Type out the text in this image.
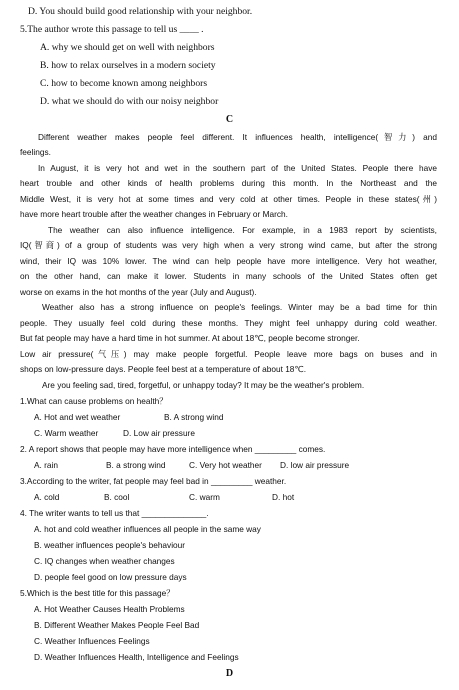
D. You should build good relationship with your neighbor.
5.The author wrote this passage to tell us ____ .
A. why we should get on well with neighbors
B. how to relax ourselves in a modern society
C. how to become known among neighbors
D. what we should do with our noisy neighbor
C
Different weather makes people feel different. It influences health, intelligence(智力) and
feelings.
In August, it is very hot and wet in the southern part of the United States. People there have
heart trouble and other kinds of health problems during this month. In the Northeast and the
Middle West, it is very hot at some times and very cold at other times. People in these states(州)
have more heart trouble after the weather changes in February or March.
The weather can also influence intelligence. For example, in a 1983 report by scientists,
IQ(智商) of a group of students was very high when a very strong wind came, but after the strong
wind, their IQ was 10% lower. The wind can help people have more intelligence. Very hot weather,
on the other hand, can make it lower. Students in many schools of the United States often get
worse on exams in the hot months of the year (July and August).
Weather also has a strong influence on people's feelings. Winter may be a bad time for thin
people. They usually feel cold during these months. They might feel unhappy during cold weather.
But fat people may have a hard time in hot summer. At about 18℃, people become stronger.
Low air pressure(气压) may make people forgetful. People leave more bags on buses and in
shops on low-pressure days. People feel best at a temperature of about 18℃.
Are you feeling sad, tired, forgetful, or unhappy today? It may be the weather's problem.
1.What can cause problems on health？
A. Hot and wet weather	B. A strong wind
C. Warm weather	D. Low air pressure
2. A report shows that people may have more intelligence when _________ comes.
A. rain	B. a strong wind	C. Very hot weather D. low air pressure
3.According to the writer, fat people may feel bad in _________ weather.
A. cold	B. cool	C. warm	D. hot
4. The writer wants to tell us that ______________.
A. hot and cold weather influences all people in the same way
B. weather influences people's behaviour
C. IQ changes when weather changes
D. people feel good on low pressure days
5.Which is the best title for this passage？
A. Hot Weather Causes Health Problems
B. Different Weather Makes People Feel Bad
C. Weather Influences Feelings
D. Weather Influences Health, Intelligence and Feelings
D
